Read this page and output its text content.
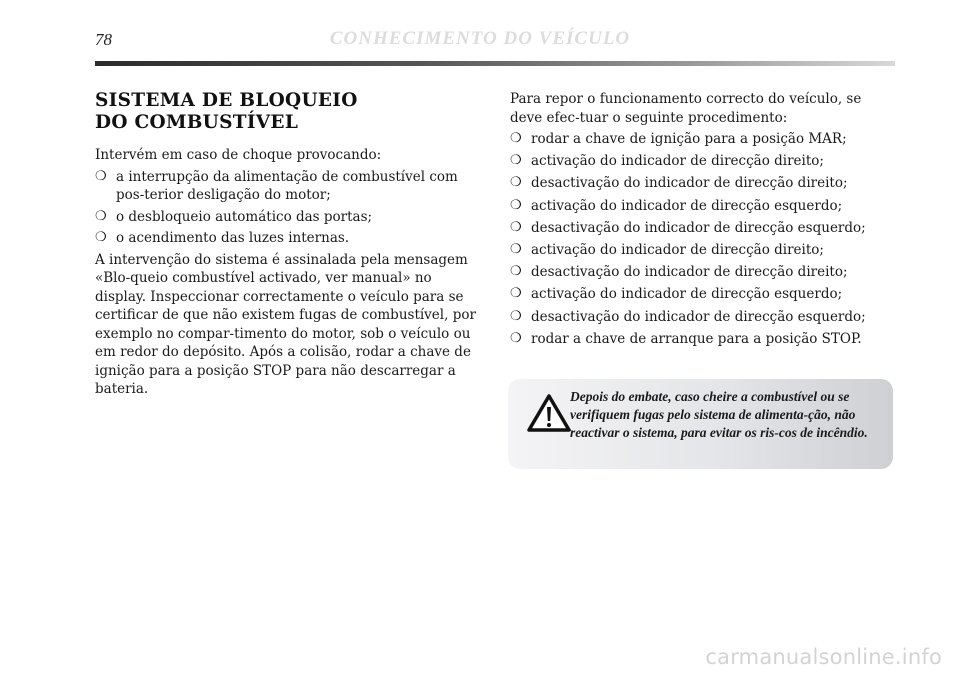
78	CONHECIMENTO DO VEÍCULO
SISTEMA DE BLOQUEIO
DO COMBUSTÍVEL

Intervém em caso de choque provocando:

❍ a interrupção da alimentação de combustível com pos-terior desligação do motor;
❍ o desbloqueio automático das portas;
❍ o acendimento das luzes internas.

A intervenção do sistema é assinalada pela mensagem «Blo-queio combustível activado, ver manual» no display. Inspeccionar correctamente o veículo para se certificar de que não existem fugas de combustível, por exemplo no compar-timento do motor, sob o veículo ou em redor do depósito. Após a colisão, rodar a chave de ignição para a posição STOP para não descarregar a bateria.

Para repor o funcionamento correcto do veículo, se deve efec-tuar o seguinte procedimento:

❍ rodar a chave de ignição para a posição MAR;
❍ activação do indicador de direcção direito;
❍ desactivação do indicador de direcção direito;
❍ activação do indicador de direcção esquerdo;
❍ desactivação do indicador de direcção esquerdo;
❍ activação do indicador de direcção direito;
❍ desactivação do indicador de direcção direito;
❍ activação do indicador de direcção esquerdo;
❍ desactivação do indicador de direcção esquerdo;
❍ rodar a chave de arranque para a posição STOP.
Depois do embate, caso cheire a combustível ou se verifiquem fugas pelo sistema de alimenta-ção, não reactivar o sistema, para evitar os ris-cos de incêndio.
carmanualsonline.info
